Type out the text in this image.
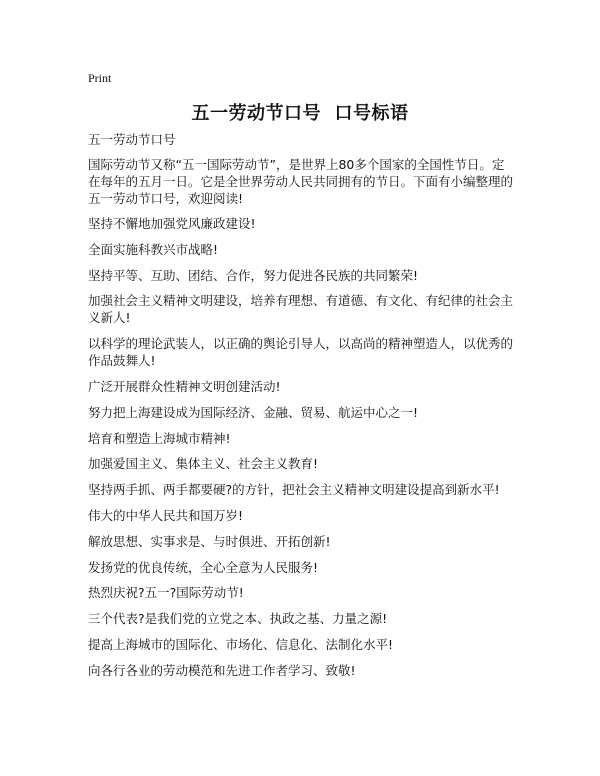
Print
五一劳动节口号  口号标语

五一劳动节口号

国际劳动节又称“五一国际劳动节”，是世界上80多个国家的全国性节日。定在每年的五月一日。它是全世界劳动人民共同拥有的节日。下面有小编整理的五一劳动节口号，欢迎阅读!

坚持不懈地加强党风廉政建设!

全面实施科教兴市战略!

坚持平等、互助、团结、合作，努力促进各民族的共同繁荣!

加强社会主义精神文明建设，培养有理想、有道德、有文化、有纪律的社会主义新人!

以科学的理论武装人，以正确的舆论引导人，以高尚的精神塑造人，以优秀的作品鼓舞人!

广泛开展群众性精神文明创建活动!

努力把上海建设成为国际经济、金融、贸易、航运中心之一!

培育和塑造上海城市精神!

加强爱国主义、集体主义、社会主义教育!

坚持两手抓、两手都要硬?的方针，把社会主义精神文明建设提高到新水平!

伟大的中华人民共和国万岁!

解放思想、实事求是、与时俱进、开拓创新!

发扬党的优良传统，全心全意为人民服务!

热烈庆祝?五一?国际劳动节!

三个代表?是我们党的立党之本、执政之基、力量之源!

提高上海城市的国际化、市场化、信息化、法制化水平!

向各行各业的劳动模范和先进工作者学习、致敬!
